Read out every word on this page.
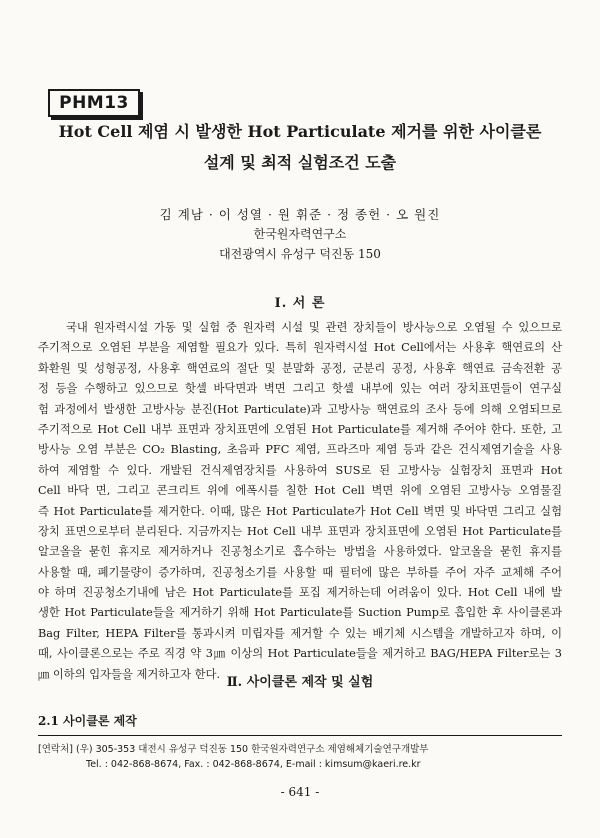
PHM13
Hot Cell 제염 시 발생한 Hot Particulate 제거를 위한 사이클론
설계 및 최적 실험조건 도출
김 계남 · 이 성열 · 원 휘준 · 정 종헌 · 오 원진
한국원자력연구소
대전광역시 유성구 덕진동 150
Ⅰ. 서 론
국내 원자력시설 가동 및 실험 중 원자력 시설 및 관련 장치들이 방사능으로 오염될 수 있으므로
주기적으로 오염된 부분을 제염할 필요가 있다. 특히 원자력시설 Hot Cell에서는 사용후 핵연료의 산
화환원 및 성형공정, 사용후 핵연료의 절단 및 분말화 공정, 군분리 공정, 사용후 핵연료 금속전환 공
정 등을 수행하고 있으므로 핫셀 바닥면과 벽면 그리고 핫셀 내부에 있는 여러 장치표면들이 연구실
험 과정에서 발생한 고방사능 분진(Hot Particulate)과 고방사능 핵연료의 조사 등에 의해 오염되므로
주기적으로 Hot Cell 내부 표면과 장치표면에 오염된 Hot Particulate를 제거해 주어야 한다. 또한, 고
방사능 오염 부분은 CO₂ Blasting, 초음파 PFC 제염, 프라즈마 제염 등과 같은 건식제염기술을 사용
하여 제염할 수 있다. 개발된 건식제염장치를 사용하여 SUS로 된 고방사능 실험장치 표면과 Hot
Cell 바닥 면, 그리고 콘크리트 위에 에폭시를 칠한 Hot Cell 벽면 위에 오염된 고방사능 오염물질
즉 Hot Particulate를 제거한다. 이때, 많은 Hot Particulate가 Hot Cell 벽면 및 바닥면 그리고 실험
장치 표면으로부터 분리된다. 지금까지는 Hot Cell 내부 표면과 장치표면에 오염된 Hot Particulate를
알코올을 묻힌 휴지로 제거하거나 진공청소기로 흡수하는 방법을 사용하였다. 알코올을 묻힌 휴지를
사용할 때, 폐기물량이 증가하며, 진공청소기를 사용할 때 필터에 많은 부하를 주어 자주 교체해 주어
야 하며 진공청소기내에 남은 Hot Particulate를 포집 제거하는데 어려움이 있다. Hot Cell 내에 발
생한 Hot Particulate들을 제거하기 위해 Hot Particulate를 Suction Pump로 흡입한 후 사이클론과
Bag Filter, HEPA Filter를 통과시켜 미립자를 제거할 수 있는 배기체 시스템을 개발하고자 하며, 이
때, 사이클론으로는 주로 직경 약 3㎛ 이상의 Hot Particulate들을 제거하고 BAG/HEPA Filter로는 3
㎛ 이하의 입자들을 제거하고자 한다.
Ⅱ. 사이클론 제작 및 실험
2.1 사이클론 제작
[연락처] (우) 305-353 대전시 유성구 덕진동 150 한국원자력연구소 제염해체기술연구개발부
Tel. : 042-868-8674, Fax. : 042-868-8674, E-mail : kimsum@kaeri.re.kr
- 641 -
